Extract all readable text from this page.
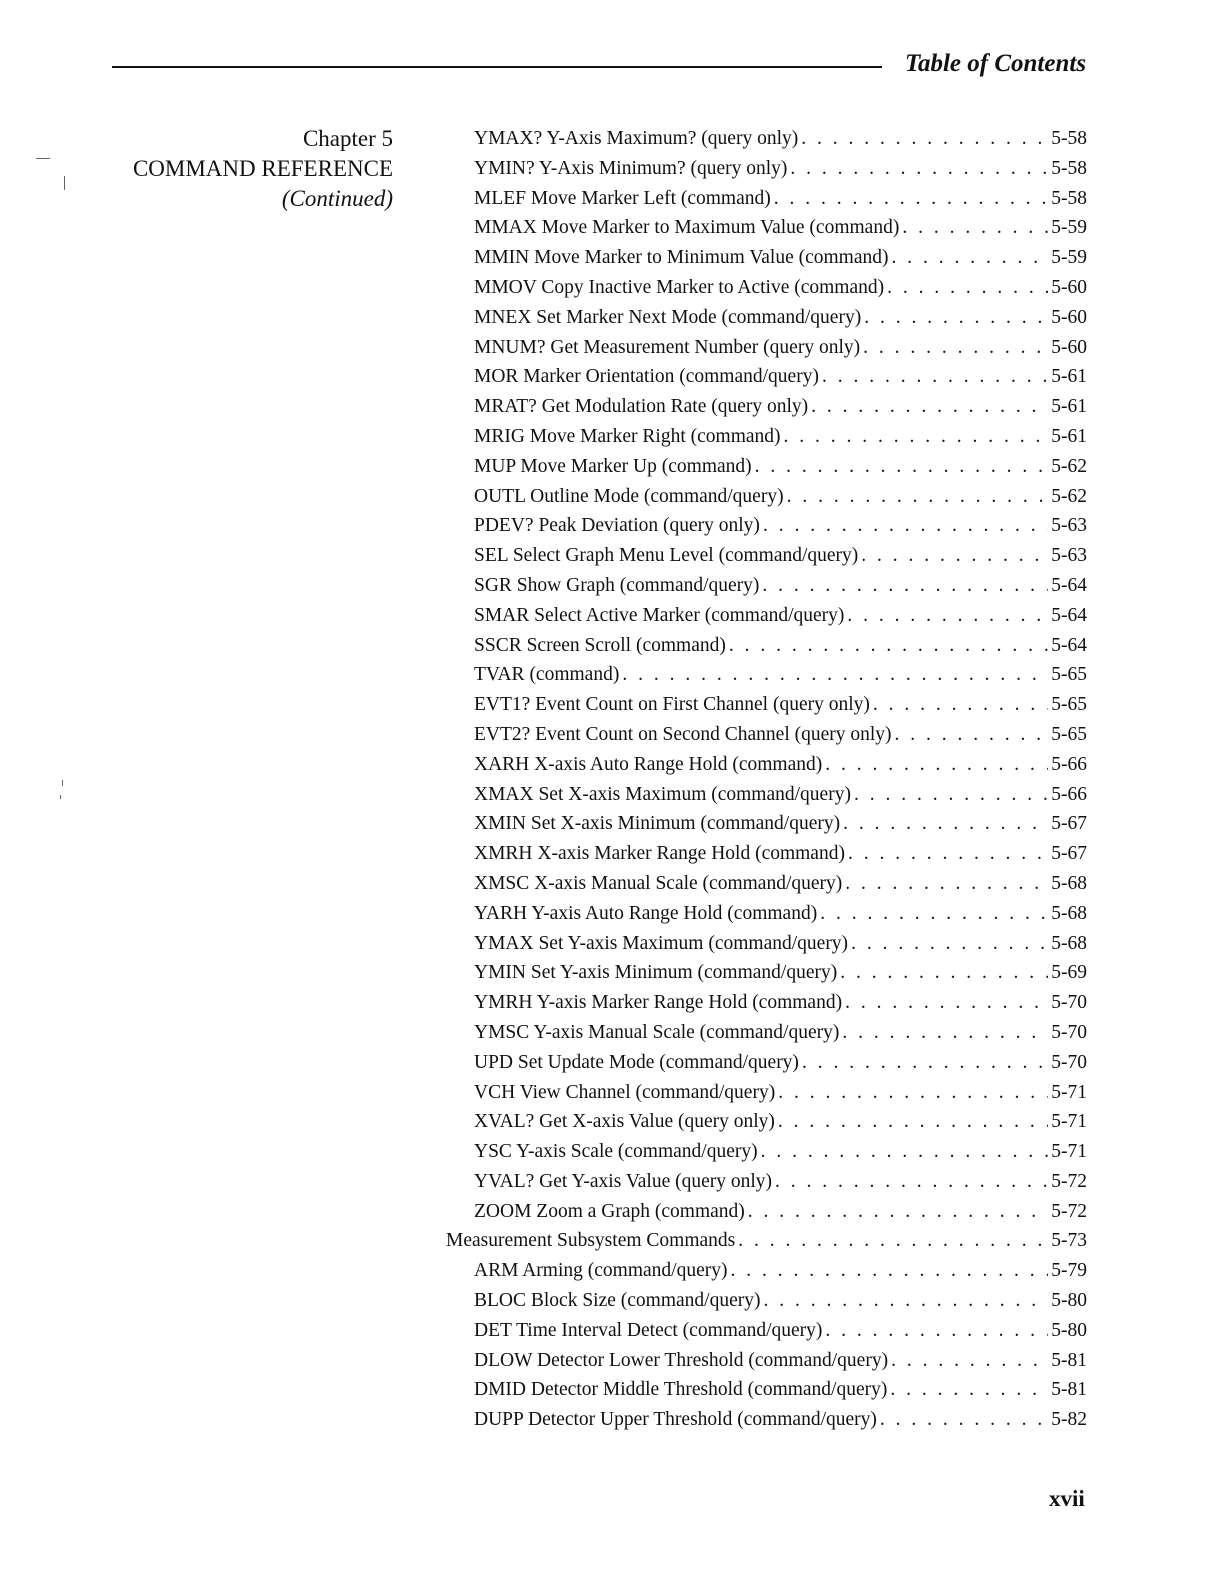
Table of Contents
Chapter 5
COMMAND REFERENCE
(Continued)
YMAX? Y-Axis Maximum? (query only) . . .	5-58
YMIN? Y-Axis Minimum? (query only) . . .	5-58
MLEF Move Marker Left (command) . . .	5-58
MMAX Move Marker to Maximum Value (command) . . .	5-59
MMIN Move Marker to Minimum Value (command) . . .	5-59
MMOV Copy Inactive Marker to Active (command) . . .	5-60
MNEX Set Marker Next Mode (command/query) . . .	5-60
MNUM? Get Measurement Number (query only) . . .	5-60
MOR Marker Orientation (command/query) . . .	5-61
MRAT? Get Modulation Rate (query only) . . .	5-61
MRIG Move Marker Right (command) . . .	5-61
MUP Move Marker Up (command) . . .	5-62
OUTL Outline Mode (command/query) . . .	5-62
PDEV? Peak Deviation (query only) . . .	5-63
SEL Select Graph Menu Level (command/query) . . .	5-63
SGR Show Graph (command/query) . . .	5-64
SMAR Select Active Marker (command/query) . . .	5-64
SSCR Screen Scroll (command) . . .	5-64
TVAR (command) . . .	5-65
EVT1? Event Count on First Channel (query only) . . .	5-65
EVT2? Event Count on Second Channel (query only) . . .	5-65
XARH X-axis Auto Range Hold (command) . . .	5-66
XMAX Set X-axis Maximum (command/query) . . .	5-66
XMIN Set X-axis Minimum (command/query) . . .	5-67
XMRH X-axis Marker Range Hold (command) . . .	5-67
XMSC X-axis Manual Scale (command/query) . . .	5-68
YARH Y-axis Auto Range Hold (command) . . .	5-68
YMAX Set Y-axis Maximum (command/query) . . .	5-68
YMIN Set Y-axis Minimum (command/query) . . .	5-69
YMRH Y-axis Marker Range Hold (command) . . .	5-70
YMSC Y-axis Manual Scale (command/query) . . .	5-70
UPD Set Update Mode (command/query) . . .	5-70
VCH View Channel (command/query) . . .	5-71
XVAL? Get X-axis Value (query only) . . .	5-71
YSC Y-axis Scale (command/query) . . .	5-71
YVAL? Get Y-axis Value (query only) . . .	5-72
ZOOM Zoom a Graph (command) . . .	5-72
Measurement Subsystem Commands . . .	5-73
ARM Arming (command/query) . . .	5-79
BLOC Block Size (command/query) . . .	5-80
DET Time Interval Detect (command/query) . . .	5-80
DLOW Detector Lower Threshold (command/query) . . .	5-81
DMID Detector Middle Threshold (command/query) . . .	5-81
DUPP Detector Upper Threshold (command/query) . . .	5-82
xvii
